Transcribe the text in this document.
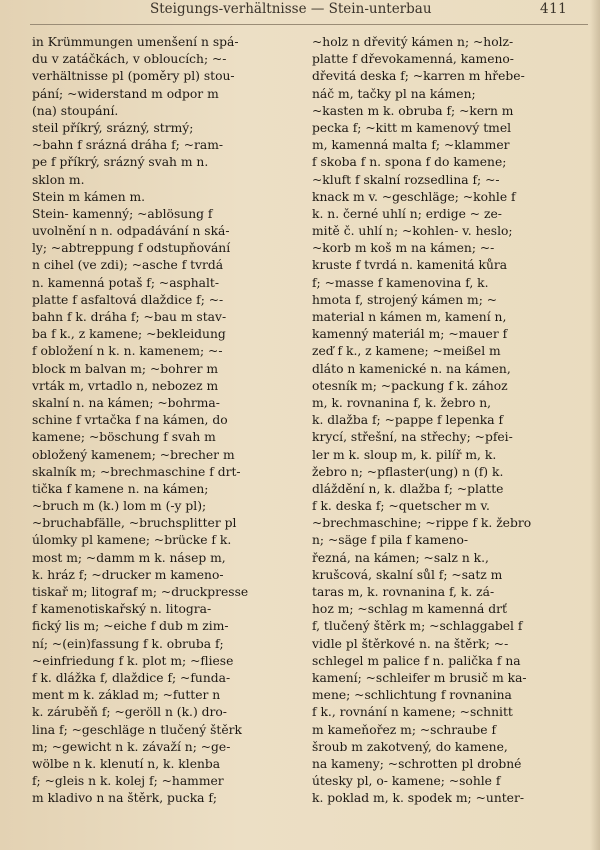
Steigungs-verhältnisse — Stein-unterbau	411
in Krümmungen umenšení n spá-
du v zatáčkách, v obloucích; ~-
verhältnisse pl (poměry pl) stou-
pání; ~widerstand m odpor m
(na) stoupání.
steil příkrý, srázný, strmý;
~bahn f srázná dráha f; ~ram-
pe f příkrý, srázný svah m n.
sklon m.
Stein m kámen m.
Stein- kamenný; ~ablösung f
uvolnění n n. odpadávání n ská-
ly; ~abtreppung f odstupňování
n cihel (ve zdi); ~asche f tvrdá
n. kamenná potaš f; ~asphalt-
platte f asfaltová dlaždice f; ~-
bahn f k. dráha f; ~bau m stav-
ba f k., z kamene; ~bekleidung
f obložení n k. n. kamenem; ~-
block m balvan m; ~bohrer m
vrták m, vrtadlo n, nebozez m
skalní n. na kámen; ~bohrma-
schine f vrtačka f na kámen, do
kamene; ~böschung f svah m
obložený kamenem; ~brecher m
skalník m; ~brechmaschine f drt-
tička f kamene n. na kámen;
~bruch m (k.) lom m (-y pl);
~bruchabfälle, ~bruchsplitter pl
úlomky pl kamene; ~brücke f k.
most m; ~damm m k. násep m,
k. hráz f; ~drucker m kameno-
tiskař m; litograf m; ~druckpresse
f kamenotiskařský n. litogra-
fický lis m; ~eiche f dub m zim-
ní; ~(ein)fassung f k. obruba f;
~einfriedung f k. plot m; ~fliese
f k. dlážka f, dlaždice f; ~funda-
ment m k. základ m; ~futter n
k. záruběň f; ~geröll n (k.) dro-
lina f; ~geschläge n tlučený štěrk
m; ~gewicht n k. závaží n; ~ge-
wölbe n k. klenutí n, k. klenba
f; ~gleis n k. kolej f; ~hammer
m kladivo n na štěrk, pucka f;
~holz n dřevitý kámen n; ~holz-
platte f dřevokamenná, kameno-
dřevitá deska f; ~karren m hřebe-
náč m, tačky pl na kámen;
~kasten m k. obruba f; ~kern m
pecka f; ~kitt m kamenový tmel
m, kamenná malta f; ~klammer
f skoba f n. spona f do kamene;
~kluft f skalní rozsedlina f; ~-
knack m v. ~geschläge; ~kohle f
k. n. černé uhlí n; erdige ~ ze-
mitě č. uhlí n; ~kohlen- v. heslo;
~korb m koš m na kámen; ~-
kruste f tvrdá n. kamenitá kůra
f; ~masse f kamenovina f, k.
hmota f, strojený kámen m; ~
material n kámen m, kamení n,
kamenný materiál m; ~mauer f
zeď f k., z kamene; ~meißel m
dláto n kamenické n. na kámen,
otesník m; ~packung f k. zához
m, k. rovnanina f, k. žebro n,
k. dlažba f; ~pappe f lepenka f
krycí, střešní, na střechy; ~pfei-
ler m k. sloup m, k. pilíř m, k.
žebro n; ~pflaster(ung) n (f) k.
dláždění n, k. dlažba f; ~platte
f k. deska f; ~quetscher m v.
~brechmaschine; ~rippe f k. žebro
n; ~säge f pila f kameno-
řezná, na kámen; ~salz n k.,
krušcová, skalní sůl f; ~satz m
taras m, k. rovnanina f, k. zá-
hoz m; ~schlag m kamenná drť
f, tlučený štěrk m; ~schlaggabel f
vidle pl štěrkové n. na štěrk; ~-
schlegel m palice f n. palička f na
kamení; ~schleifer m brusič m ka-
mene; ~schlichtung f rovnanina
f k., rovnání n kamene; ~schnitt
m kameňořez m; ~schraube f
šroub m zakotvený, do kamene,
na kameny; ~schrotten pl drobné
útesky pl, o- kamene; ~sohle f
k. poklad m, k. spodek m; ~unter-
